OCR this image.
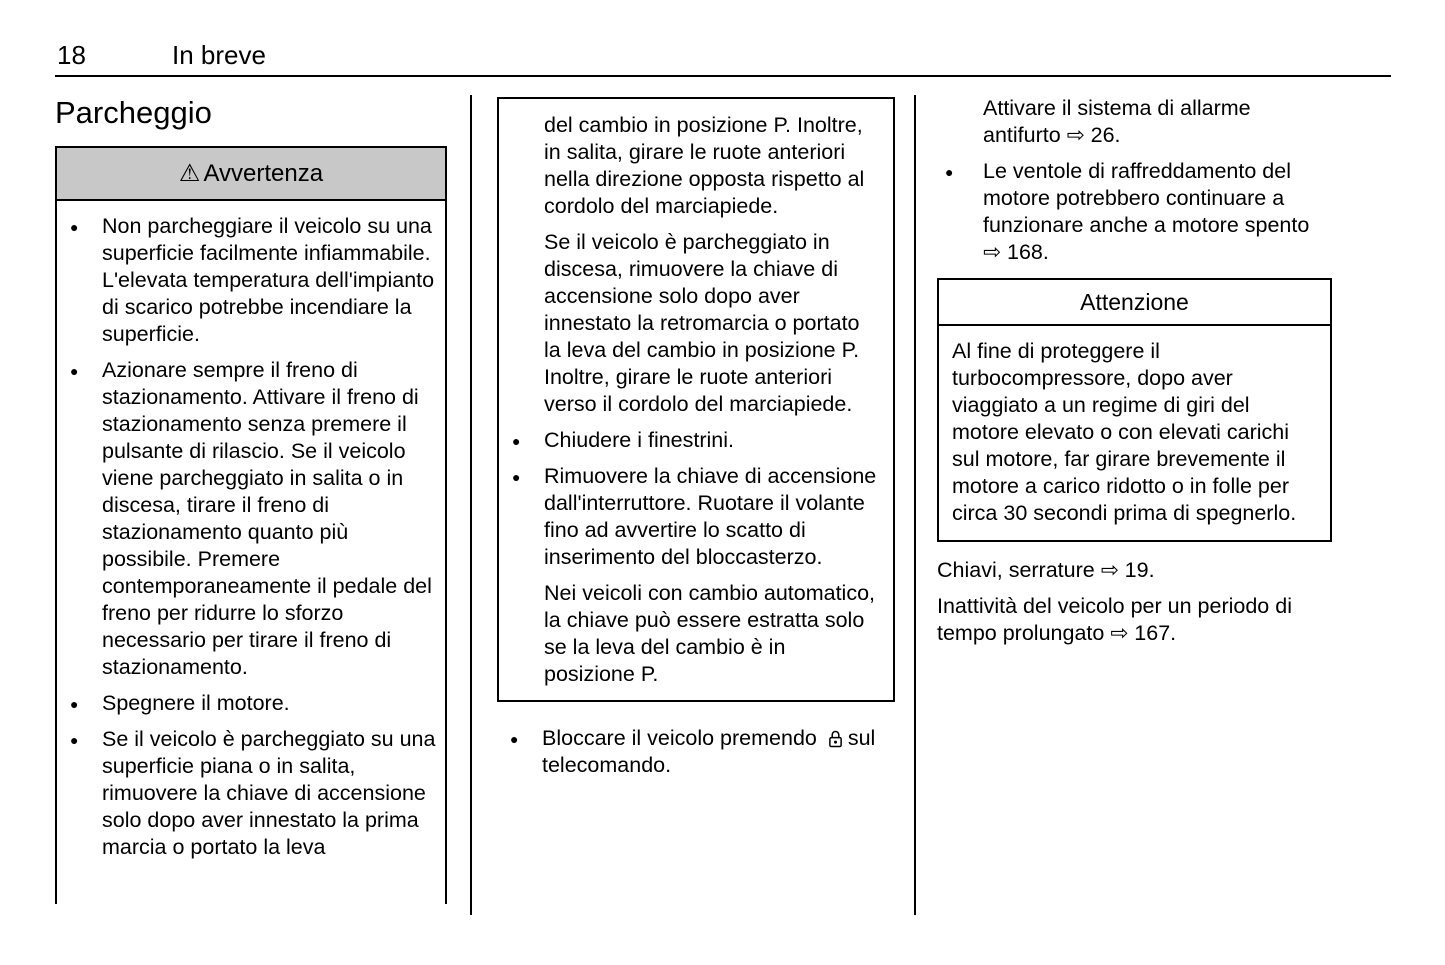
18	In breve
Parcheggio
⚠ Avvertenza
● Non parcheggiare il veicolo su una superficie facilmente infiammabile. L'elevata temperatura dell'impianto di scarico potrebbe incendiare la superficie.
● Azionare sempre il freno di stazionamento. Attivare il freno di stazionamento senza premere il pulsante di rilascio. Se il veicolo viene parcheggiato in salita o in discesa, tirare il freno di stazionamento quanto più possibile. Premere contemporaneamente il pedale del freno per ridurre lo sforzo necessario per tirare il freno di stazionamento.
● Spegnere il motore.
● Se il veicolo è parcheggiato su una superficie piana o in salita, rimuovere la chiave di accensione solo dopo aver innestato la prima marcia o portato la leva

del cambio in posizione P. Inoltre, in salita, girare le ruote anteriori nella direzione opposta rispetto al cordolo del marciapiede.

Se il veicolo è parcheggiato in discesa, rimuovere la chiave di accensione solo dopo aver innestato la retromarcia o portato la leva del cambio in posizione P. Inoltre, girare le ruote anteriori verso il cordolo del marciapiede.

● Chiudere i finestrini.
● Rimuovere la chiave di accensione dall'interruttore. Ruotare il volante fino ad avvertire lo scatto di inserimento del bloccasterzo.

Nei veicoli con cambio automatico, la chiave può essere estratta solo se la leva del cambio è in posizione P.

● Bloccare il veicolo premendo sul telecomando.

Attivare il sistema di allarme antifurto ⇨ 26.

● Le ventole di raffreddamento del motore potrebbero continuare a funzionare anche a motore spento ⇨ 168.
Attenzione
Al fine di proteggere il turbocompressore, dopo aver viaggiato a un regime di giri del motore elevato o con elevati carichi sul motore, far girare brevemente il motore a carico ridotto o in folle per circa 30 secondi prima di spegnerlo.

Chiavi, serrature ⇨ 19.

Inattività del veicolo per un periodo di tempo prolungato ⇨ 167.
